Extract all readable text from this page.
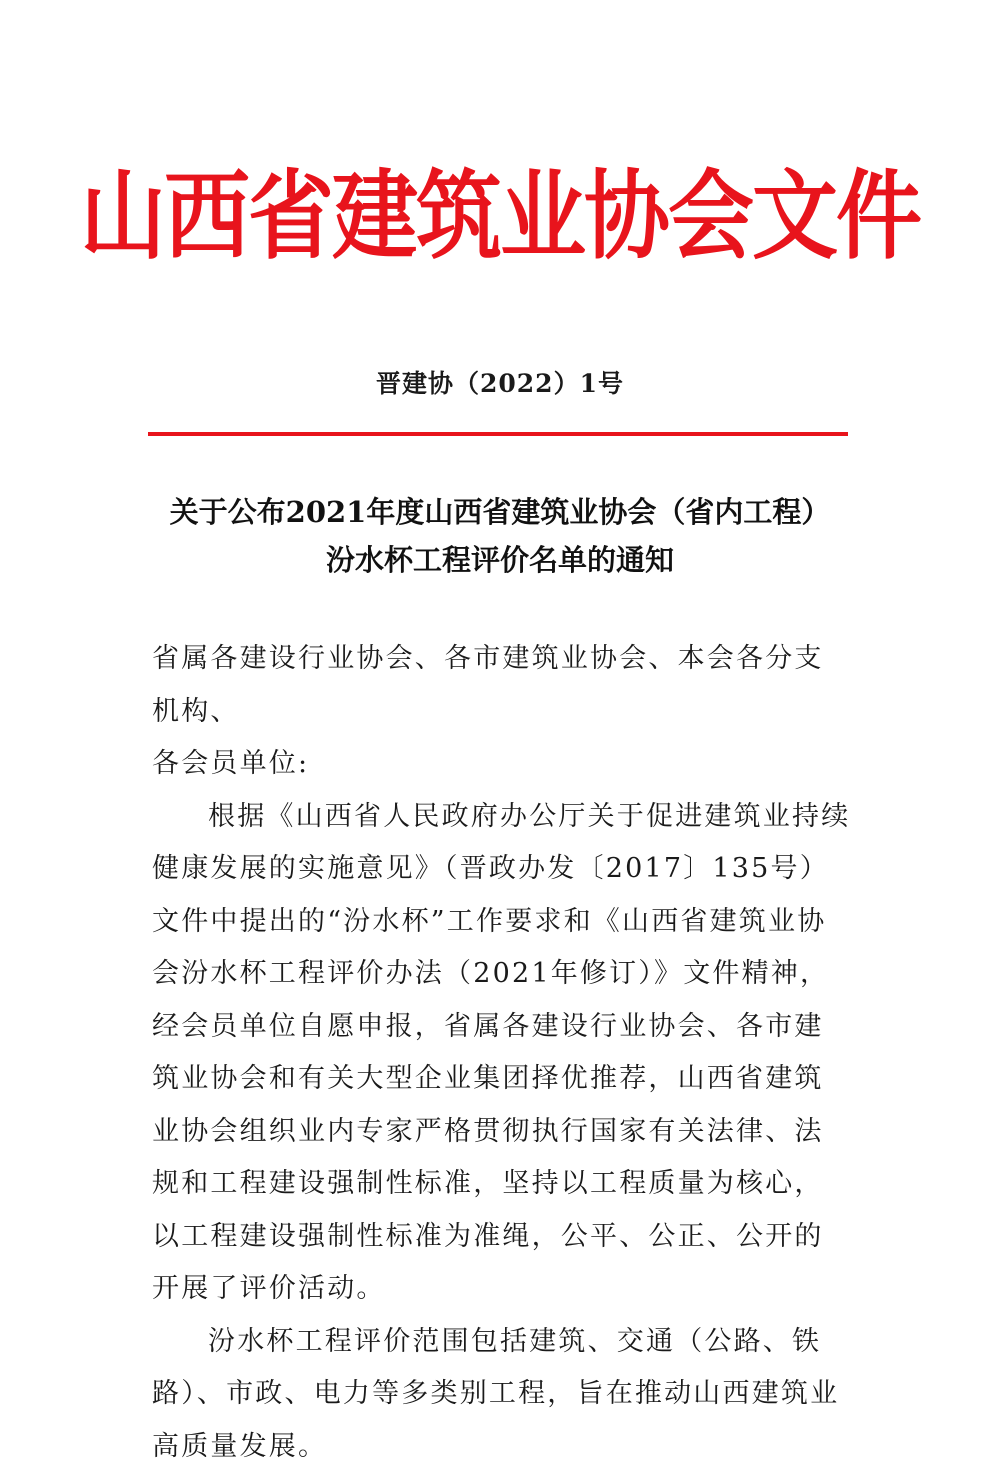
山西省建筑业协会文件
晋建协（2022）1号
关于公布2021年度山西省建筑业协会（省内工程）
汾水杯工程评价名单的通知

省属各建设行业协会、各市建筑业协会、本会各分支机构、

各会员单位:

根据《山西省人民政府办公厅关于促进建筑业持续健康发展的实施意见》（晋政办发〔2017〕135号）文件中提出的“汾水杯”工作要求和《山西省建筑业协会汾水杯工程评价办法（2021年修订）》文件精神，经会员单位自愿申报，省属各建设行业协会、各市建筑业协会和有关大型企业集团择优推荐，山西省建筑业协会组织业内专家严格贯彻执行国家有关法律、法规和工程建设强制性标准，坚持以工程质量为核心，以工程建设强制性标准为准绳，公平、公正、公开的开展了评价活动。

汾水杯工程评价范围包括建筑、交通（公路、铁路）、市政、电力等多类别工程，旨在推动山西建筑业高质量发展。
